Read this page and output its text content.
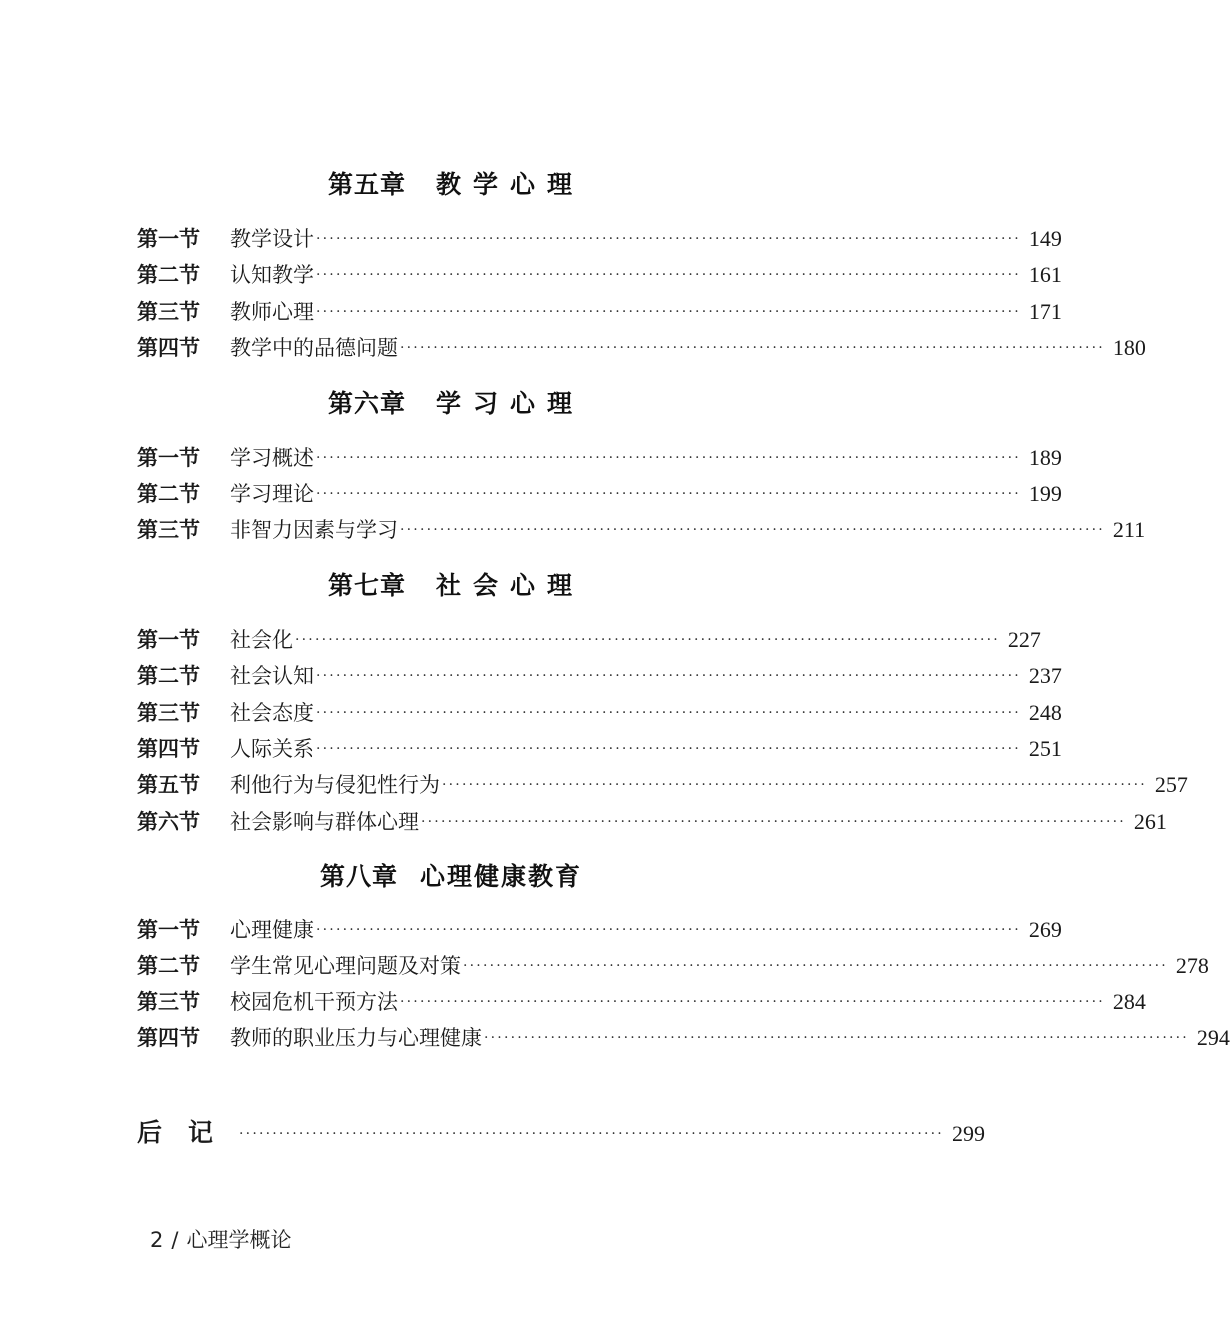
第五章 教学心理
第一节	教学设计 ·········································································································· 149
第二节	认知教学 ·········································································································· 161
第三节	教师心理 ·········································································································· 171
第四节	教学中的品德问题 ·········································································································· 180
第六章 学习心理
第一节	学习概述 ·········································································································· 189
第二节	学习理论 ·········································································································· 199
第三节	非智力因素与学习 ·········································································································· 211
第七章 社会心理
第一节	社会化 ·········································································································· 227
第二节	社会认知 ·········································································································· 237
第三节	社会态度 ·········································································································· 248
第四节	人际关系 ·········································································································· 251
第五节	利他行为与侵犯性行为 ·········································································································· 257
第六节	社会影响与群体心理 ·········································································································· 261
第八章 心理健康教育
第一节	心理健康 ·········································································································· 269
第二节	学生常见心理问题及对策 ·········································································································· 278
第三节	校园危机干预方法 ·········································································································· 284
第四节	教师的职业压力与心理健康 ·········································································································· 294
后记 ·········································································································· 299
2 / 心理学概论
